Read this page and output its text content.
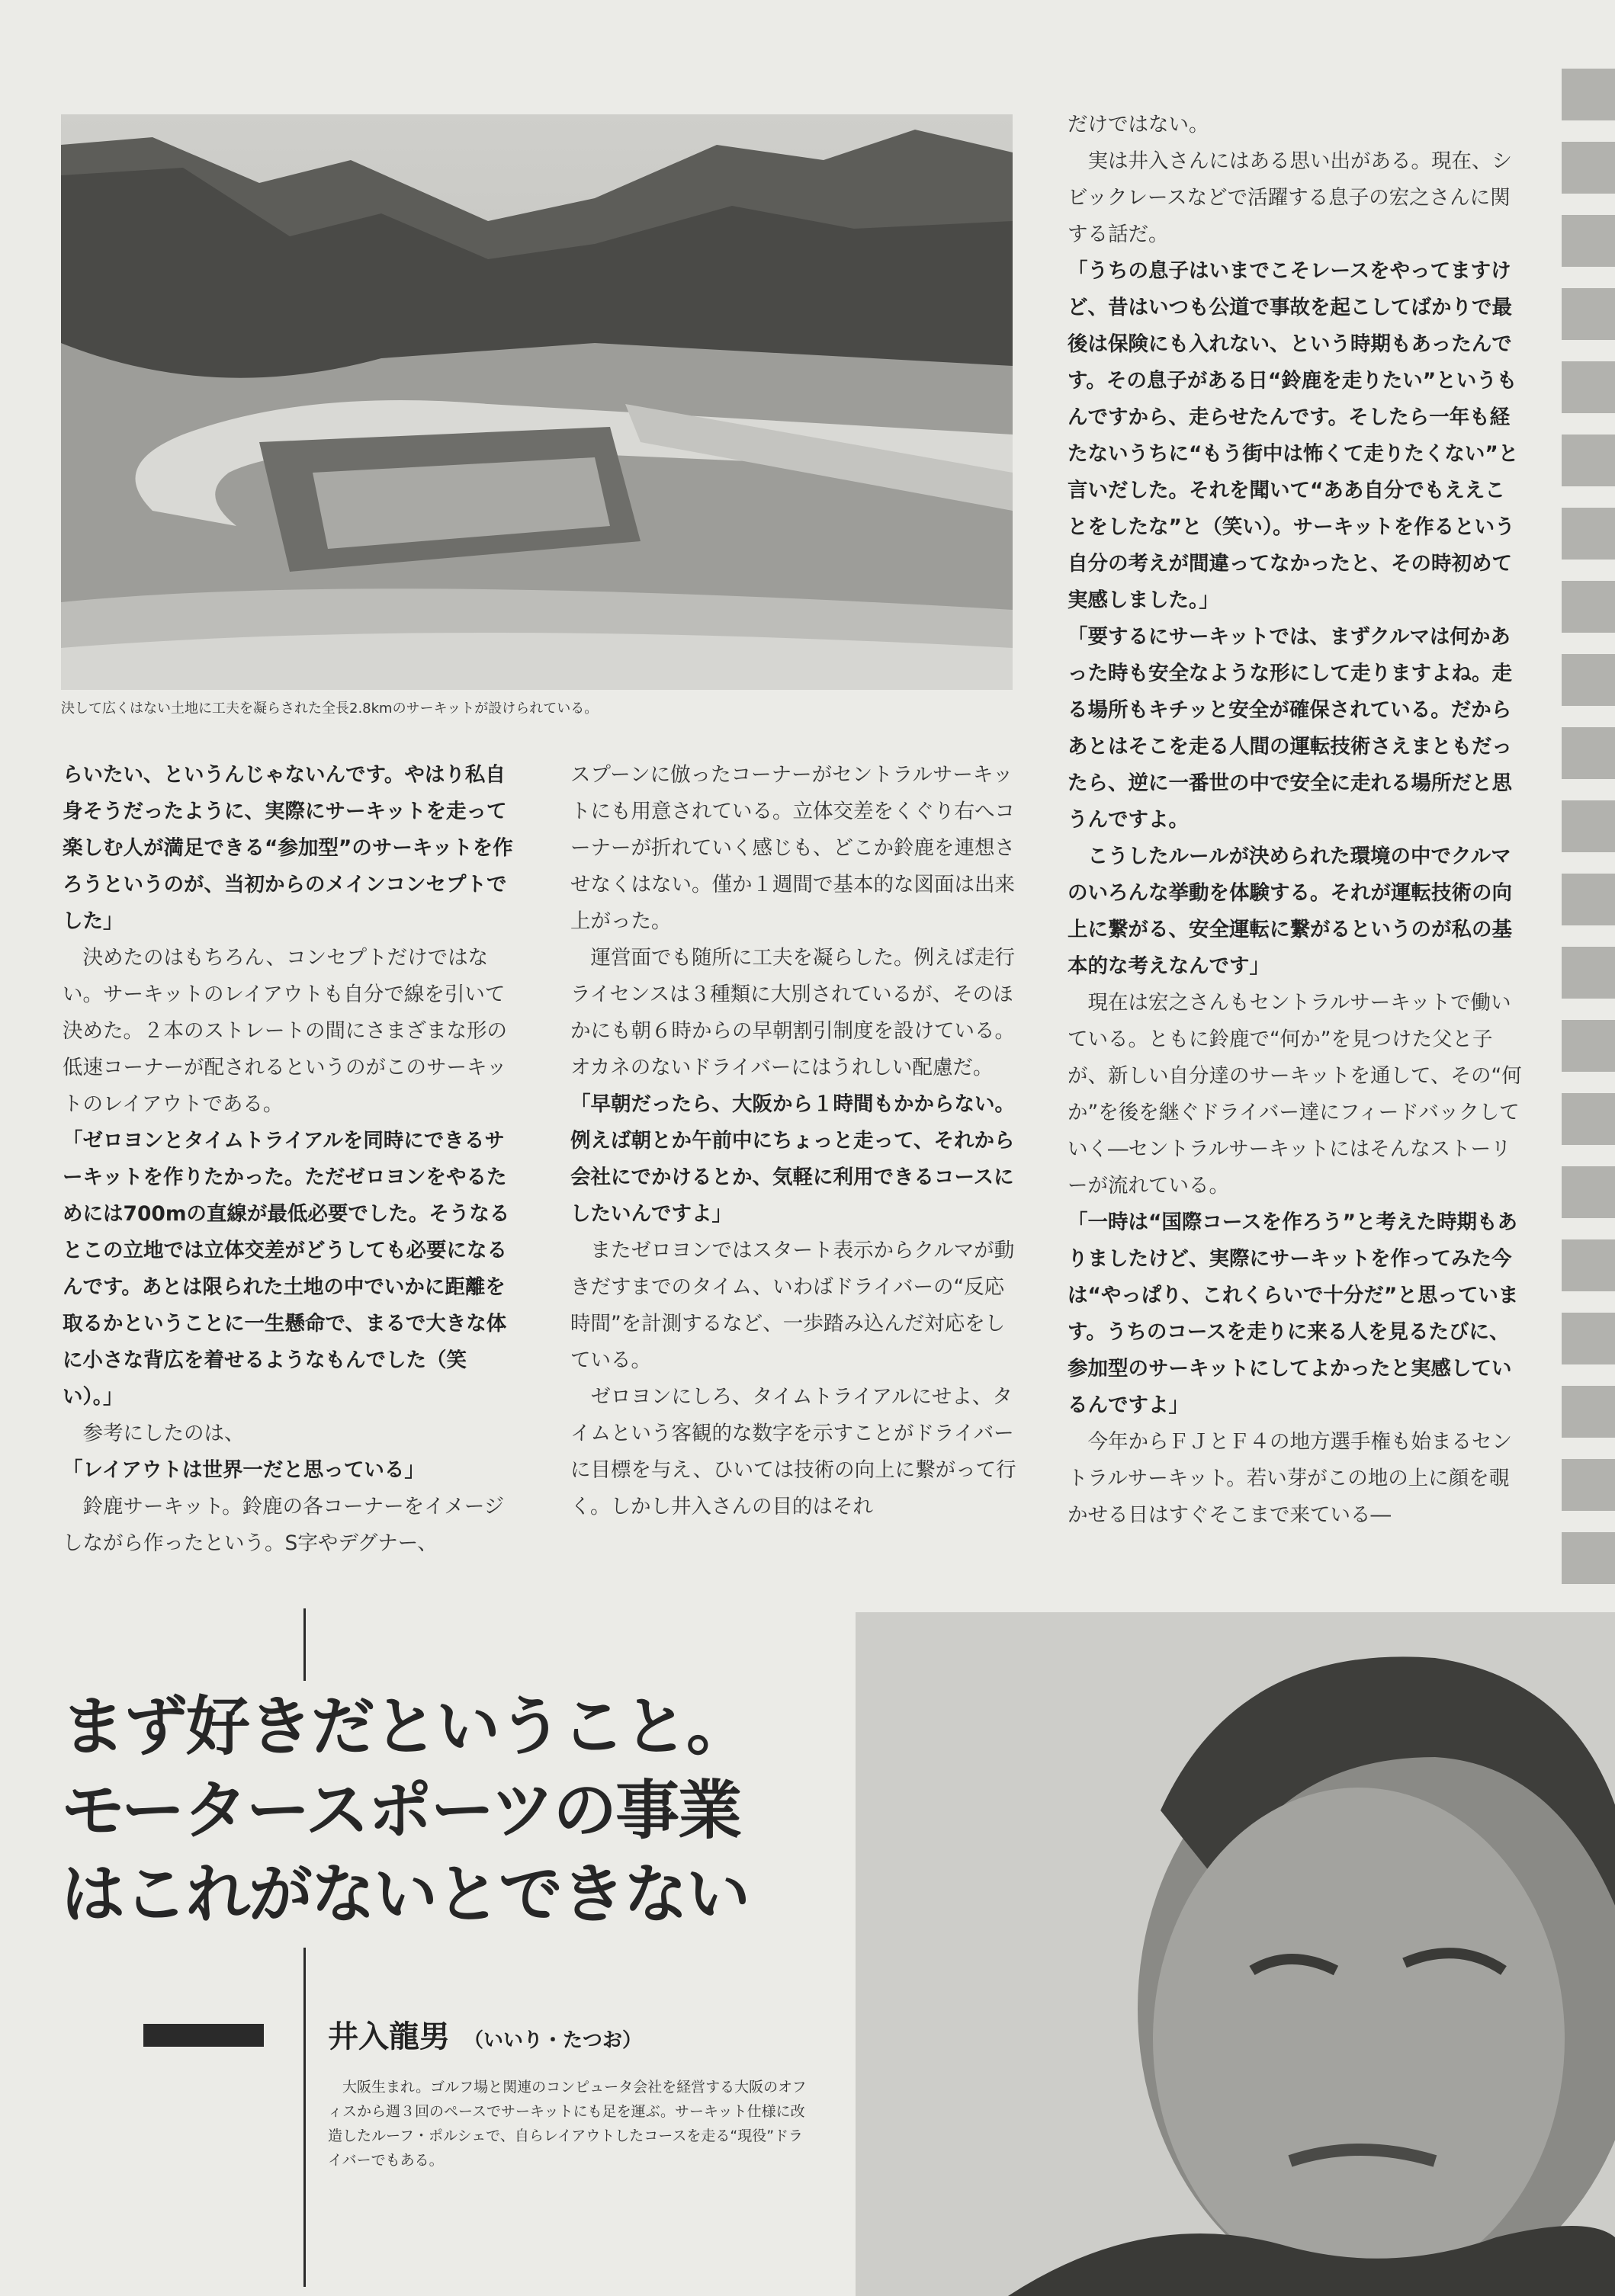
決して広くはない土地に工夫を凝らされた全長2.8kmのサーキットが設けられている。

らいたい、というんじゃないんです。やはり私自身そうだったように、実際にサーキットを走って楽しむ人が満足できる“参加型”のサーキットを作ろうというのが、当初からのメインコンセプトでした」

決めたのはもちろん、コンセプトだけではない。サーキットのレイアウトも自分で線を引いて決めた。２本のストレートの間にさまざまな形の低速コーナーが配されるというのがこのサーキットのレイアウトである。

「ゼロヨンとタイムトライアルを同時にできるサーキットを作りたかった。ただゼロヨンをやるためには700mの直線が最低必要でした。そうなるとこの立地では立体交差がどうしても必要になるんです。あとは限られた土地の中でいかに距離を取るかということに一生懸命で、まるで大きな体に小さな背広を着せるようなもんでした（笑い）。」

参考にしたのは、

「レイアウトは世界一だと思っている」

鈴鹿サーキット。鈴鹿の各コーナーをイメージしながら作ったという。S字やデグナー、

スプーンに倣ったコーナーがセントラルサーキットにも用意されている。立体交差をくぐり右へコーナーが折れていく感じも、どこか鈴鹿を連想させなくはない。僅か１週間で基本的な図面は出来上がった。

運営面でも随所に工夫を凝らした。例えば走行ライセンスは３種類に大別されているが、そのほかにも朝６時からの早朝割引制度を設けている。オカネのないドライバーにはうれしい配慮だ。

「早朝だったら、大阪から１時間もかからない。例えば朝とか午前中にちょっと走って、それから会社にでかけるとか、気軽に利用できるコースにしたいんですよ」

またゼロヨンではスタート表示からクルマが動きだすまでのタイム、いわばドライバーの“反応時間”を計測するなど、一歩踏み込んだ対応をしている。

ゼロヨンにしろ、タイムトライアルにせよ、タイムという客観的な数字を示すことがドライバーに目標を与え、ひいては技術の向上に繋がって行く。しかし井入さんの目的はそれ

だけではない。

実は井入さんにはある思い出がある。現在、シビックレースなどで活躍する息子の宏之さんに関する話だ。

「うちの息子はいまでこそレースをやってますけど、昔はいつも公道で事故を起こしてばかりで最後は保険にも入れない、という時期もあったんです。その息子がある日“鈴鹿を走りたい”というもんですから、走らせたんです。そしたら一年も経たないうちに“もう街中は怖くて走りたくない”と言いだした。それを聞いて“ああ自分でもええことをしたな”と（笑い）。サーキットを作るという自分の考えが間違ってなかったと、その時初めて実感しました。」

「要するにサーキットでは、まずクルマは何かあった時も安全なような形にして走りますよね。走る場所もキチッと安全が確保されている。だからあとはそこを走る人間の運転技術さえまともだったら、逆に一番世の中で安全に走れる場所だと思うんですよ。

こうしたルールが決められた環境の中でクルマのいろんな挙動を体験する。それが運転技術の向上に繋がる、安全運転に繋がるというのが私の基本的な考えなんです」

現在は宏之さんもセントラルサーキットで働いている。ともに鈴鹿で“何か”を見つけた父と子が、新しい自分達のサーキットを通して、その“何か”を後を継ぐドライバー達にフィードバックしていく―セントラルサーキットにはそんなストーリーが流れている。

「一時は“国際コースを作ろう”と考えた時期もありましたけど、実際にサーキットを作ってみた今は“やっぱり、これくらいで十分だ”と思っています。うちのコースを走りに来る人を見るたびに、参加型のサーキットにしてよかったと実感しているんですよ」

今年からＦＪとＦ４の地方選手権も始まるセントラルサーキット。若い芽がこの地の上に顔を覗かせる日はすぐそこまで来ている―

まず好きだということ。
モータースポーツの事業
はこれがないとできない
井入龍男 （いいり・たつお）
大阪生まれ。ゴルフ場と関連のコンピュータ会社を経営する大阪のオフィスから週３回のペースでサーキットにも足を運ぶ。サーキット仕様に改造したルーフ・ポルシェで、自らレイアウトしたコースを走る“現役”ドライバーでもある。
